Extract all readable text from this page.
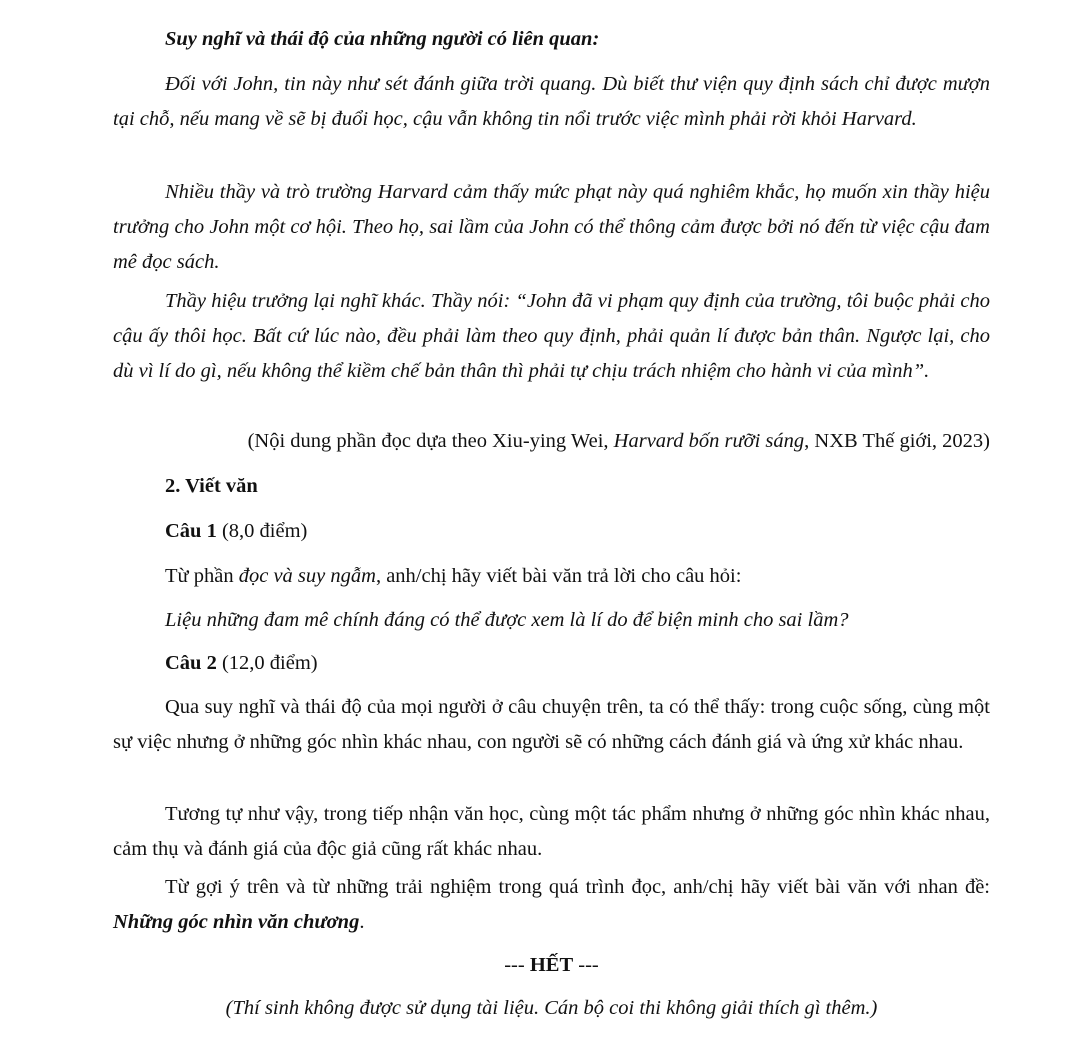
Suy nghĩ và thái độ của những người có liên quan:

Đối với John, tin này như sét đánh giữa trời quang. Dù biết thư viện quy định sách chỉ được mượn tại chỗ, nếu mang về sẽ bị đuổi học, cậu vẫn không tin nổi trước việc mình phải rời khỏi Harvard.

Nhiều thầy và trò trường Harvard cảm thấy mức phạt này quá nghiêm khắc, họ muốn xin thầy hiệu trưởng cho John một cơ hội. Theo họ, sai lầm của John có thể thông cảm được bởi nó đến từ việc cậu đam mê đọc sách.

Thầy hiệu trưởng lại nghĩ khác. Thầy nói: “John đã vi phạm quy định của trường, tôi buộc phải cho cậu ấy thôi học. Bất cứ lúc nào, đều phải làm theo quy định, phải quản lí được bản thân. Ngược lại, cho dù vì lí do gì, nếu không thể kiềm chế bản thân thì phải tự chịu trách nhiệm cho hành vi của mình”.

(Nội dung phần đọc dựa theo Xiu-ying Wei, Harvard bốn rưỡi sáng, NXB Thế giới, 2023)

2. Viết văn

Câu 1 (8,0 điểm)

Từ phần đọc và suy ngẫm, anh/chị hãy viết bài văn trả lời cho câu hỏi:

Liệu những đam mê chính đáng có thể được xem là lí do để biện minh cho sai lầm?

Câu 2 (12,0 điểm)

Qua suy nghĩ và thái độ của mọi người ở câu chuyện trên, ta có thể thấy: trong cuộc sống, cùng một sự việc nhưng ở những góc nhìn khác nhau, con người sẽ có những cách đánh giá và ứng xử khác nhau.

Tương tự như vậy, trong tiếp nhận văn học, cùng một tác phẩm nhưng ở những góc nhìn khác nhau, cảm thụ và đánh giá của độc giả cũng rất khác nhau.

Từ gợi ý trên và từ những trải nghiệm trong quá trình đọc, anh/chị hãy viết bài văn với nhan đề: Những góc nhìn văn chương.

--- HẾT ---

(Thí sinh không được sử dụng tài liệu. Cán bộ coi thi không giải thích gì thêm.)
